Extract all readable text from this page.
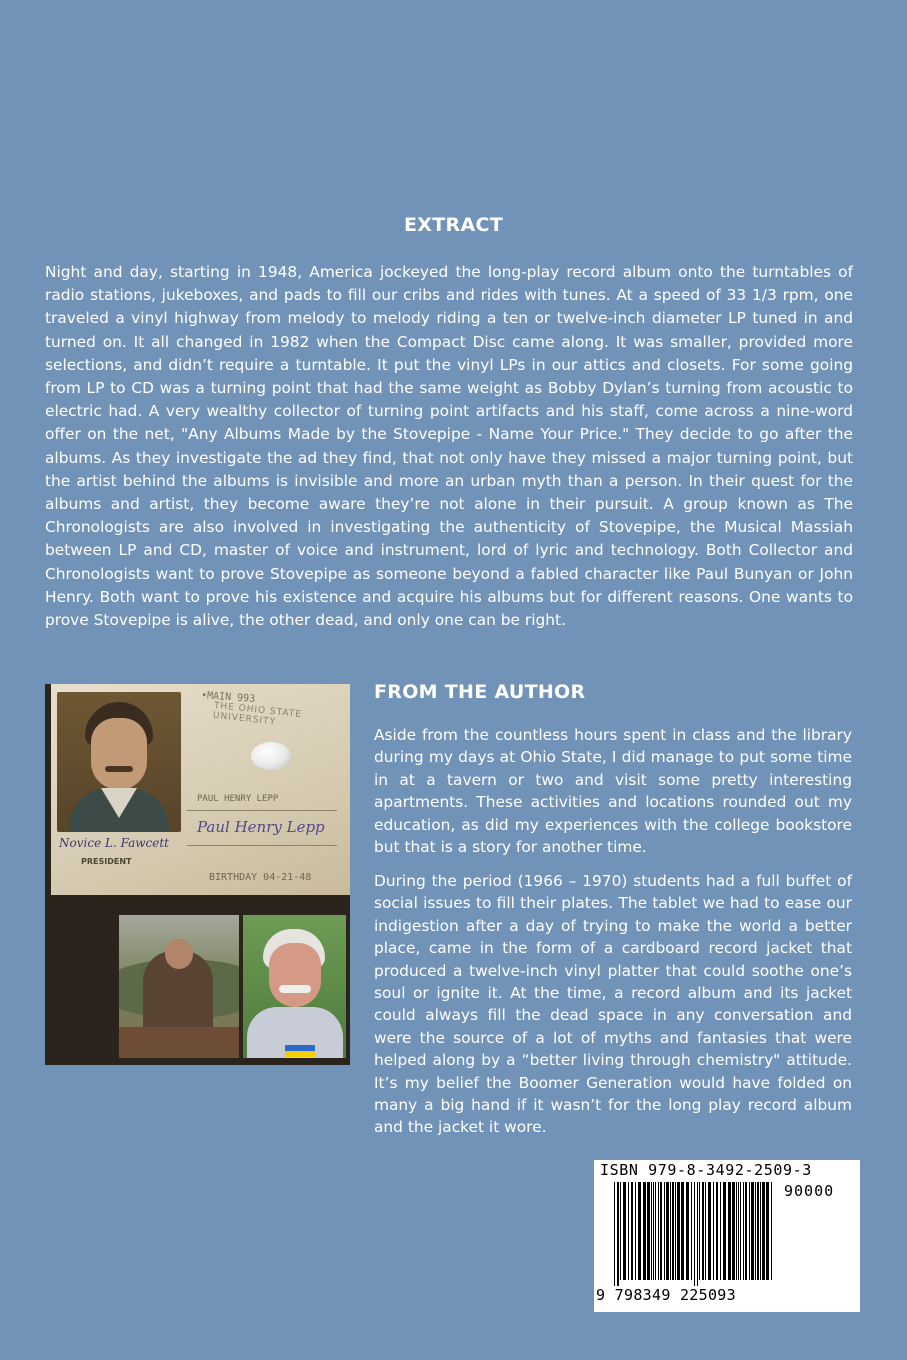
EXTRACT

Night and day, starting in 1948, America jockeyed the long-play record album onto the turntables of radio stations, jukeboxes, and pads to fill our cribs and rides with tunes. At a speed of 33 1/3 rpm, one traveled a vinyl highway from melody to melody riding a ten or twelve-inch diameter LP tuned in and turned on. It all changed in 1982 when the Compact Disc came along. It was smaller, provided more selections, and didn’t require a turntable. It put the vinyl LPs in our attics and closets. For some going from LP to CD was a turning point that had the same weight as Bobby Dylan’s turning from acoustic to electric had. A very wealthy collector of turning point artifacts and his staff, come across a nine-word offer on the net, "Any Albums Made by the Stovepipe - Name Your Price." They decide to go after the albums. As they investigate the ad they find, that not only have they missed a major turning point, but the artist behind the albums is invisible and more an urban myth than a person. In their quest for the albums and artist, they become aware they’re not alone in their pursuit. A group known as The Chronologists are also involved in investigating the authenticity of Stovepipe, the Musical Massiah between LP and CD, master of voice and instrument, lord of lyric and technology. Both Collector and Chronologists want to prove Stovepipe as someone beyond a fabled character like Paul Bunyan or John Henry. Both want to prove his existence and acquire his albums but for different reasons. One wants to prove Stovepipe is alive, the other dead, and only one can be right.

•MAIN 993
THE OHIO STATE UNIVERSITY
PAUL HENRY LEPP
Paul Henry Lepp
Novice L. Fawcett
PRESIDENT
BIRTHDAY 04-21-48
FROM THE AUTHOR

Aside from the countless hours spent in class and the library during my days at Ohio State, I did manage to put some time in at a tavern or two and visit some pretty interesting apartments. These activities and locations rounded out my education, as did my experiences with the college bookstore but that is a story for another time.

During the period (1966 – 1970) students had a full buffet of social issues to fill their plates. The tablet we had to ease our indigestion after a day of trying to make the world a better place, came in the form of a cardboard record jacket that produced a twelve-inch vinyl platter that could soothe one’s soul or ignite it. At the time, a record album and its jacket could always fill the dead space in any conversation and were the source of a lot of myths and fantasies that were helped along by a “better living through chemistry" attitude. It’s my belief the Boomer Generation would have folded on many a big hand if it wasn’t for the long play record album and the jacket it wore.

ISBN 979-8-3492-2509-3
90000
9 798349 225093
